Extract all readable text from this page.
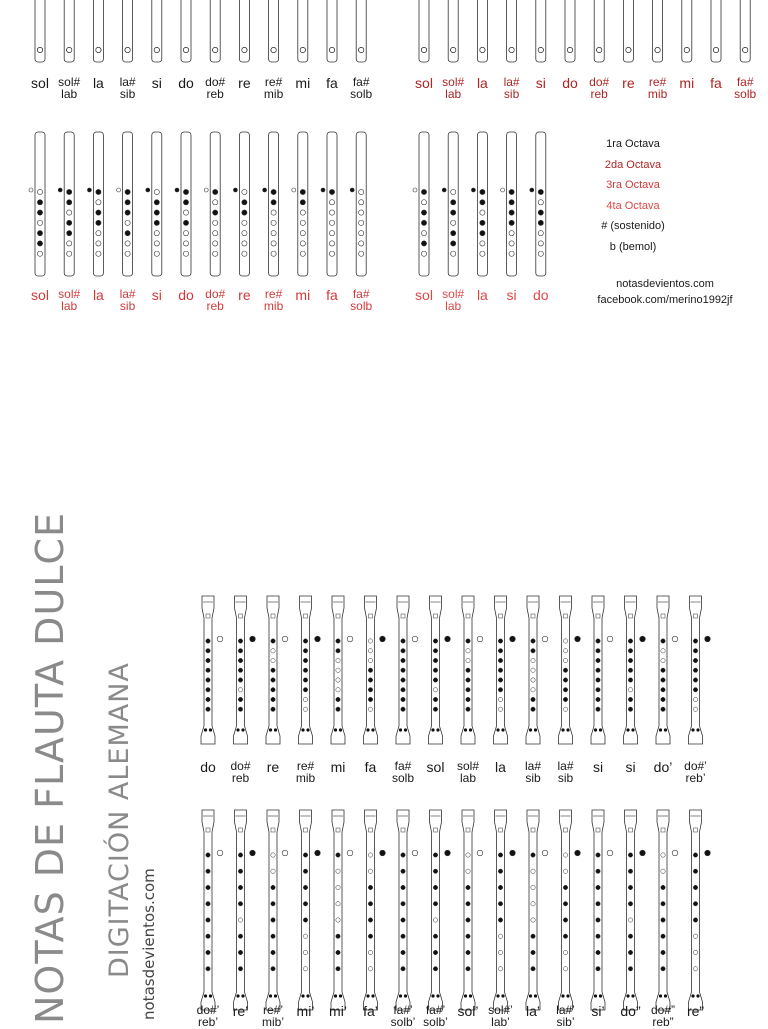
sol sol#
lab
la la#
sib
si do do#
reb
re re#
mib
mi fa fa#
solb
sol sol#
lab
la la#
sib
si do do#
reb
re re#
mib
mi fa fa#
solb
sol sol#
lab
la la#
sib
si do do#
reb
re re#
mib
mi fa fa#
solb
sol sol#
lab
la si do
do do#
reb
re re#
mib
mi fa fa#
solb
sol sol#
lab
la la#
sib
la#
sib
si si do’ do#’
reb’
do#’
reb’
re’ re#’
mib’
mi’ mi’ fa’ fa#’
solb’
fa#’
solb’
sol’ sol#’
lab’
la’ la#’
sib’
si’ do” do#”
reb”
re”
1ra Octava
2da Octava
3ra Octava
4ta Octava
# (sostenido)
b (bemol)
notasdevientos.com
facebook.com/merino1992jf
NOTAS DE FLAUTA DULCE DIGITACIÓN ALEMANA notasdevientos.com
